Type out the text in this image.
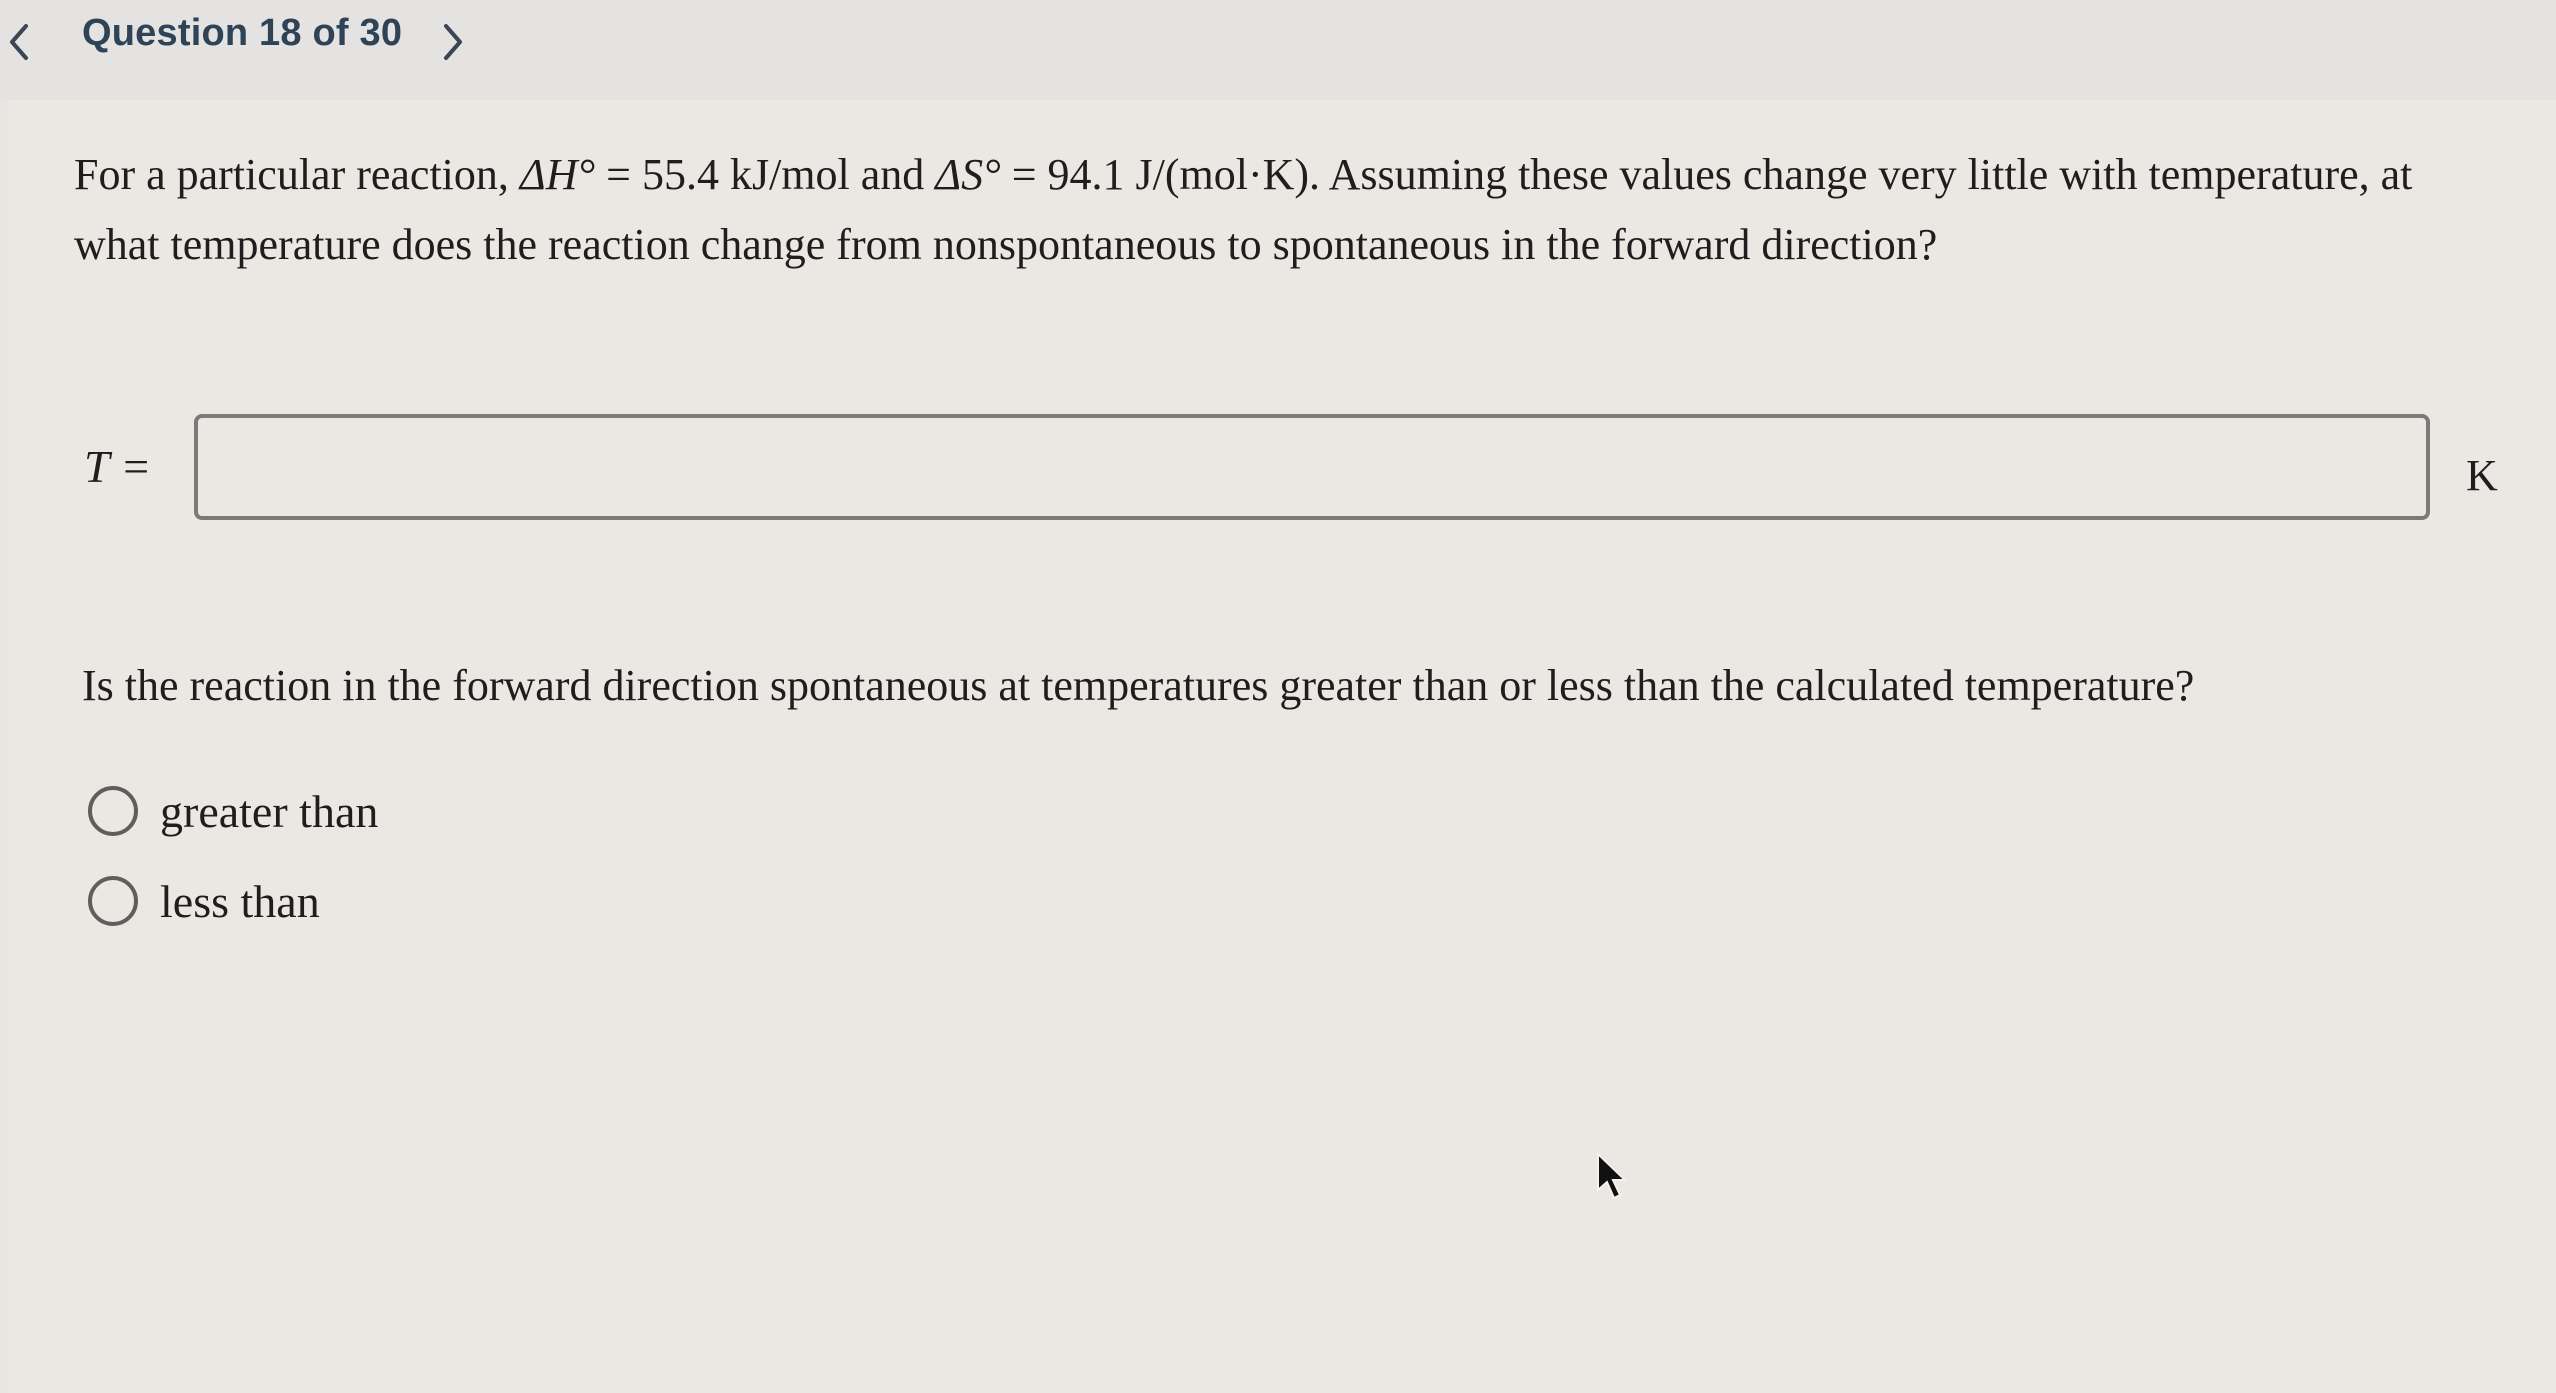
Question 18 of 30
For a particular reaction, ΔH° = 55.4 kJ/mol and ΔS° = 94.1 J/(mol·K). Assuming these values change very little with temperature, at what temperature does the reaction change from nonspontaneous to spontaneous in the forward direction?
T =	K
Is the reaction in the forward direction spontaneous at temperatures greater than or less than the calculated temperature?
greater than
less than
